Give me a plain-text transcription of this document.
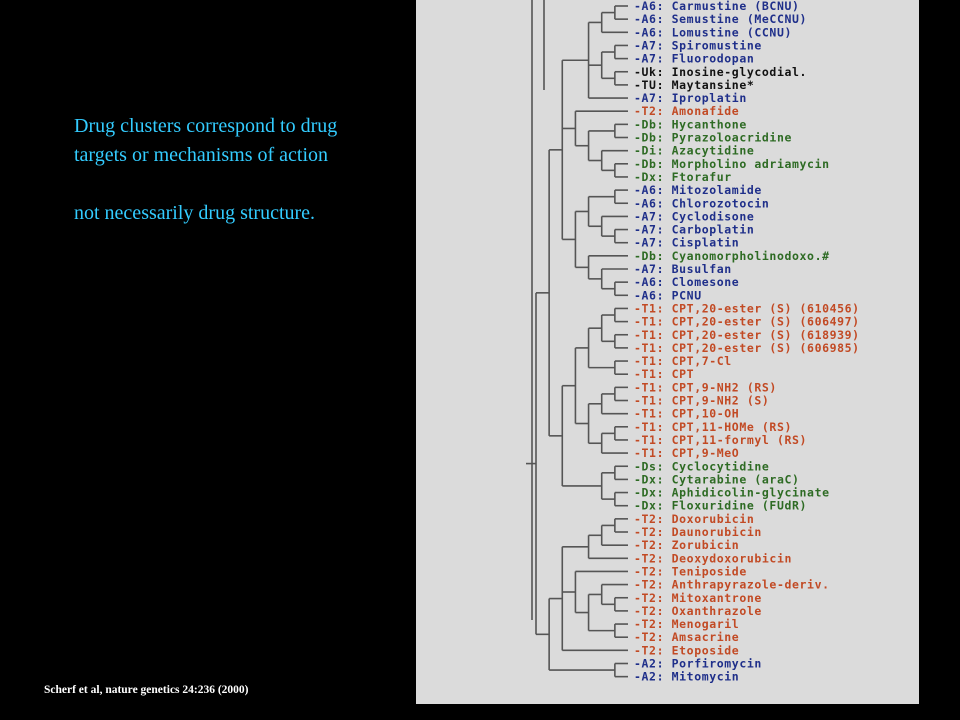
Drug clusters correspond to drug targets or mechanisms of action

not necessarily drug structure.

Scherf et al, nature genetics 24:236 (2000)
-A6: Carmustine (BCNU)
-A6: Semustine (MeCCNU)
-A6: Lomustine (CCNU)
-A7: Spiromustine
-A7: Fluorodopan
-Uk: Inosine-glycodial.
-TU: Maytansine*
-A7: Iproplatin
-T2: Amonafide
-Db: Hycanthone
-Db: Pyrazoloacridine
-Di: Azacytidine
-Db: Morpholino adriamycin
-Dx: Ftorafur
-A6: Mitozolamide
-A6: Chlorozotocin
-A7: Cyclodisone
-A7: Carboplatin
-A7: Cisplatin
-Db: Cyanomorpholinodoxo.#
-A7: Busulfan
-A6: Clomesone
-A6: PCNU
-T1: CPT,20-ester (S) (610456)
-T1: CPT,20-ester (S) (606497)
-T1: CPT,20-ester (S) (618939)
-T1: CPT,20-ester (S) (606985)
-T1: CPT,7-Cl
-T1: CPT
-T1: CPT,9-NH2 (RS)
-T1: CPT,9-NH2 (S)
-T1: CPT,10-OH
-T1: CPT,11-HOMe (RS)
-T1: CPT,11-formyl (RS)
-T1: CPT,9-MeO
-Ds: Cyclocytidine
-Dx: Cytarabine (araC)
-Dx: Aphidicolin-glycinate
-Dx: Floxuridine (FUdR)
-T2: Doxorubicin
-T2: Daunorubicin
-T2: Zorubicin
-T2: Deoxydoxorubicin
-T2: Teniposide
-T2: Anthrapyrazole-deriv.
-T2: Mitoxantrone
-T2: Oxanthrazole
-T2: Menogaril
-T2: Amsacrine
-T2: Etoposide
-A2: Porfiromycin
-A2: Mitomycin
